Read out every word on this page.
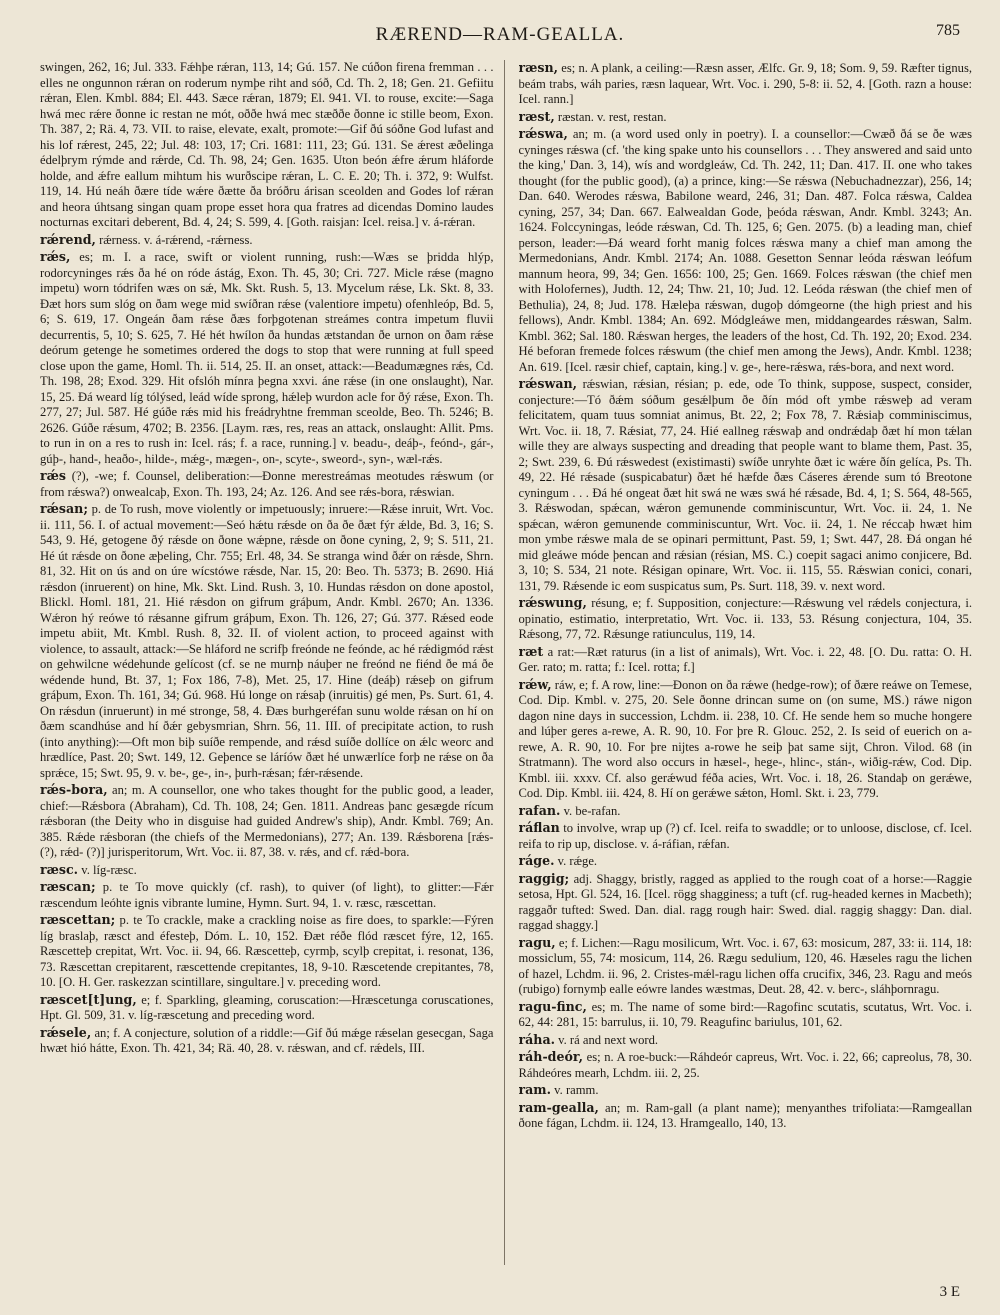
RÆREND—RAM-GEALLA.	785

swingen, 262, 16; Jul. 333. Fǽhþe rǽran, 113, 14; Gú. 157. Ne cúðon firena fremman . . . elles ne ongunnon rǽran on roderum nymþe riht and sóð, Cd. Th. 2, 18; Gen. 21. Gefiitu rǽran, Elen. Kmbl. 884; El. 443. Sæce rǽran, 1879; El. 941. VI. to rouse, excite:—Saga hwá mec rǽre ðonne ic restan ne mót, oððe hwá mec stæððe ðonne ic stille beom, Exon. Th. 387, 2; Rä. 4, 73. VII. to raise, elevate, exalt, promote:—Gif ðú sóðne God lufast and his lof rǽrest, 245, 22; Jul. 48: 103, 17; Cri. 1681: 111, 23; Gú. 131. Se ǽrest æðelinga édelþrym rýmde and rǽrde, Cd. Th. 98, 24; Gen. 1635. Uton beón ǽfre ǽrum hláforde holde, and ǽfre eallum mihtum his wurðscipe rǽran, L. C. E. 20; Th. i. 372, 9: Wulfst. 119, 14. Hú neáh ðære tíde wǽre ðætte ða bróðru árisan sceolden and Godes lof rǽran and heora úhtsang singan quam prope esset hora qua fratres ad dicendas Domino laudes nocturnas excitari deberent, Bd. 4, 24; S. 599, 4. [Goth. raisjan: Icel. reisa.] v. á-rǽran.

rǽrend, rǽrness. v. á-rǽrend, -rǽrness.

rǽs, es; m. I. a race, swift or violent running, rush:—Wæs se þridda hlýp, rodorcyninges rǽs ða hé on róde ástág, Exon. Th. 45, 30; Cri. 727. Micle rǽse (magno impetu) worn tódrifen wæs on sǽ, Mk. Skt. Rush. 5, 13. Mycelum rǽse, Lk. Skt. 8, 33. Ðæt hors sum slóg on ðam wege mid swíðran rǽse (valentiore impetu) ofenhleóp, Bd. 5, 6; S. 619, 17. Ongeán ðam rǽse ðæs forþgotenan streámes contra impetum fluvii decurrentis, 5, 10; S. 625, 7. Hé hét hwílon ða hundas ætstandan ðe urnon on ðam rǽse deórum getenge he sometimes ordered the dogs to stop that were running at full speed close upon the game, Homl. Th. ii. 514, 25. II. an onset, attack:—Beadumægnes rǽs, Cd. Th. 198, 28; Exod. 329. Hit ofslóh mínra þegna xxvi. áne rǽse (in one onslaught), Nar. 15, 25. Ðá weard líg tólýsed, leád wíde sprong, hǽleþ wurdon acle for ðý rǽse, Exon. Th. 277, 27; Jul. 587. Hé gúðe rǽs mid his freádryhtne fremman sceolde, Beo. Th. 5246; B. 2626. Gúðe rǽsum, 4702; B. 2356. [Laym. ræs, res, reas an attack, onslaught: Allit. Pms. to run in on a res to rush in: Icel. rás; f. a race, running.] v. beadu-, deáþ-, feónd-, gár-, gúþ-, hand-, heaðo-, hilde-, mǽg-, mægen-, on-, scyte-, sweord-, syn-, wæl-rǽs.

rǽs (?), -we; f. Counsel, deliberation:—Ðonne merestreámas meotudes rǽswum (or from rǽswa?) onwealcaþ, Exon. Th. 193, 24; Az. 126. And see rǽs-bora, rǽswian.

rǽsan; p. de To rush, move violently or impetuously; inruere:—Rǽse inruit, Wrt. Voc. ii. 111, 56. I. of actual movement:—Seó hǽtu rǽsde on ða ðe ðæt fýr ǽlde, Bd. 3, 16; S. 543, 9. Hé, getogene ðý rǽsde on ðone wǽpne, rǽsde on ðone cyning, 2, 9; S. 511, 21. Hé út rǽsde on ðone æþeling, Chr. 755; Erl. 48, 34. Se stranga wind ðǽr on rǽsde, Shrn. 81, 32. Hit on ús and on úre wícstówe rǽsde, Nar. 15, 20: Beo. Th. 5373; B. 2690. Hiá rǽsdon (inruerent) on hine, Mk. Skt. Lind. Rush. 3, 10. Hundas rǽsdon on done apostol, Blickl. Homl. 181, 21. Hié rǽsdon on gifrum gráþum, Andr. Kmbl. 2670; An. 1336. Wǽron hý reówe tó rǽsanne gifrum gráþum, Exon. Th. 126, 27; Gú. 377. Rǽsed eode impetu abiit, Mt. Kmbl. Rush. 8, 32. II. of violent action, to proceed against with violence, to assault, attack:—Se hláford ne scrifþ freónde ne feónde, ac hé rǽdigmód rǽst on gehwilcne wédehunde gelícost (cf. se ne murnþ náuþer ne freónd ne fiénd ðe má ðe wédende hund, Bt. 37, 1; Fox 186, 7-8), Met. 25, 17. Hine (deáþ) rǽseþ on gifrum gráþum, Exon. Th. 161, 34; Gú. 968. Hú longe on rǽsaþ (inruitis) gé men, Ps. Surt. 61, 4. On rǽsdun (inruerunt) in mé stronge, 58, 4. Ðæs burhgeréfan sunu wolde rǽsan on hí on ðæm scandhúse and hí ðǽr gebysmrian, Shrn. 56, 11. III. of precipitate action, to rush (into anything):—Oft mon biþ suíðe rempende, and rǽsd suíðe dollíce on ǽlc weorc and hrædlíce, Past. 20; Swt. 149, 12. Geþence se láríów ðæt hé unwærlíce forþ ne rǽse on ða sprǽce, 15; Swt. 95, 9. v. be-, ge-, in-, þurh-rǽsan; fǽr-rǽsende.

rǽs-bora, an; m. A counsellor, one who takes thought for the public good, a leader, chief:—Rǽsbora (Abraham), Cd. Th. 108, 24; Gen. 1811. Andreas þanc gesægde rícum rǽsboran (the Deity who in disguise had guided Andrew's ship), Andr. Kmbl. 769; An. 385. Rǽde rǽsboran (the chiefs of the Mermedonians), 277; An. 139. Rǽsborena [rǽs- (?), rǽd- (?)] jurisperitorum, Wrt. Voc. ii. 87, 38. v. rǽs, and cf. rǽd-bora.

ræsc. v. líg-ræsc.

ræscan; p. te To move quickly (cf. rash), to quiver (of light), to glitter:—Fǽr ræscendum leóhte ignis vibrante lumine, Hymn. Surt. 94, 1. v. ræsc, ræscettan.

ræscettan; p. te To crackle, make a crackling noise as fire does, to sparkle:—Fýren líg braslaþ, ræsct and éfesteþ, Dóm. L. 10, 152. Ðæt réðe flód ræscet fýre, 12, 165. Ræscetteþ crepitat, Wrt. Voc. ii. 94, 66. Ræscetteþ, cyrmþ, scylþ crepitat, i. resonat, 136, 73. Ræscettan crepitarent, ræscettende crepitantes, 18, 9-10. Ræscetende crepitantes, 78, 10. [O. H. Ger. raskezzan scintillare, singultare.] v. preceding word.

ræscet[t]ung, e; f. Sparkling, gleaming, coruscation:—Hræscetunga coruscationes, Hpt. Gl. 509, 31. v. líg-ræscetung and preceding word.

rǽsele, an; f. A conjecture, solution of a riddle:—Gif ðú mǽge rǽselan gesecgan, Saga hwæt hió hátte, Exon. Th. 421, 34; Rä. 40, 28. v. rǽswan, and cf. rǽdels, III.

ræsn, es; n. A plank, a ceiling:—Ræsn asser, Ælfc. Gr. 9, 18; Som. 9, 59. Ræfter tignus, beám trabs, wáh paries, ræsn laquear, Wrt. Voc. i. 290, 5-8: ii. 52, 4. [Goth. razn a house: Icel. rann.]

ræst, ræstan. v. rest, restan.

rǽswa, an; m. (a word used only in poetry). I. a counsellor:—Cwæð ðá se ðe wæs cyninges rǽswa (cf. 'the king spake unto his counsellors . . . They answered and said unto the king,' Dan. 3, 14), wís and wordgleáw, Cd. Th. 242, 11; Dan. 417. II. one who takes thought (for the public good), (a) a prince, king:—Se rǽswa (Nebuchadnezzar), 256, 14; Dan. 640. Werodes rǽswa, Babilone weard, 246, 31; Dan. 487. Folca rǽswa, Caldea cyning, 257, 34; Dan. 667. Ealwealdan Gode, þeóda rǽswan, Andr. Kmbl. 3243; An. 1624. Folccyningas, leóde rǽswan, Cd. Th. 125, 6; Gen. 2075. (b) a leading man, chief person, leader:—Ðá weard forht manig folces rǽswa many a chief man among the Mermedonians, Andr. Kmbl. 2174; An. 1088. Gesetton Sennar leóda rǽswan leófum mannum heora, 99, 34; Gen. 1656: 100, 25; Gen. 1669. Folces rǽswan (the chief men with Holofernes), Judth. 12, 24; Thw. 21, 10; Jud. 12. Leóda rǽswan (the chief men of Bethulia), 24, 8; Jud. 178. Hæleþa rǽswan, dugoþ dómgeorne (the high priest and his fellows), Andr. Kmbl. 1384; An. 692. Módgleáwe men, middangeardes rǽswan, Salm. Kmbl. 362; Sal. 180. Rǽswan herges, the leaders of the host, Cd. Th. 192, 20; Exod. 234. Hé beforan fremede folces rǽswum (the chief men among the Jews), Andr. Kmbl. 1238; An. 619. [Icel. ræsir chief, captain, king.] v. ge-, here-rǽswa, rǽs-bora, and next word.

rǽswan, rǽswian, rǽsian, résian; p. ede, ode To think, suppose, suspect, consider, conjecture:—Tó ðǽm sóðum gesǽlþum ðe ðín mód oft ymbe rǽsweþ ad veram felicitatem, quam tuus somniat animus, Bt. 22, 2; Fox 78, 7. Rǽsiaþ comminiscimus, Wrt. Voc. ii. 18, 7. Rǽsiat, 77, 24. Hié eallneg rǽswaþ and ondrǽdaþ ðæt hí mon tǽlan wille they are always suspecting and dreading that people want to blame them, Past. 35, 2; Swt. 239, 6. Ðú rǽswedest (existimasti) swíðe unryhte ðæt ic wǽre ðín gelíca, Ps. Th. 49, 22. Hé rǽsade (suspicabatur) ðæt hé hæfde ðæs Cáseres ǽrende sum tó Breotone cyningum . . . Ðá hé ongeat ðæt hit swá ne wæs swá hé rǽsade, Bd. 4, 1; S. 564, 48-565, 3. Rǽswodan, spǽcan, wǽron gemunende comminiscuntur, Wrt. Voc. ii. 24, 1. Ne spǽcan, wǽron gemunende comminiscuntur, Wrt. Voc. ii. 24, 1. Ne réccaþ hwæt him mon ymbe rǽswe mala de se opinari permittunt, Past. 59, 1; Swt. 447, 28. Ðá ongan hé mid gleáwe móde þencan and rǽsian (résian, MS. C.) coepit sagaci animo conjicere, Bd. 3, 10; S. 534, 21 note. Résigan opinare, Wrt. Voc. ii. 115, 55. Rǽswian conici, conari, 131, 79. Rǽsende ic eom suspicatus sum, Ps. Surt. 118, 39. v. next word.

rǽswung, résung, e; f. Supposition, conjecture:—Rǽswung vel rǽdels conjectura, i. opinatio, estimatio, interpretatio, Wrt. Voc. ii. 133, 53. Résung conjectura, 104, 35. Rǽsong, 77, 72. Rǽsunge ratiunculus, 119, 14.

ræt a rat:—Ræt raturus (in a list of animals), Wrt. Voc. i. 22, 48. [O. Du. ratta: O. H. Ger. rato; m. ratta; f.: Icel. rotta; f.]

rǽw, ráw, e; f. A row, line:—Ðonon on ða rǽwe (hedge-row); of ðære reáwe on Temese, Cod. Dip. Kmbl. v. 275, 20. Sele ðonne drincan sume on (on sume, MS.) ráwe nigon dagon nine days in succession, Lchdm. ii. 238, 10. Cf. He sende hem so muche hongere and lúþer geres a-rewe, A. R. 90, 10. For þre R. Glouc. 252, 2. Is seid of euerich on a-rewe, A. R. 90, 10. For þre nijtes a-rowe he seiþ þat same sijt, Chron. Vilod. 68 (in Stratmann). The word also occurs in hæsel-, hege-, hlinc-, stán-, wiðig-rǽw, Cod. Dip. Kmbl. iii. xxxv. Cf. also gerǽwud féða acies, Wrt. Voc. i. 18, 26. Standaþ on gerǽwe, Cod. Dip. Kmbl. iii. 424, 8. Hí on gerǽwe sǽton, Homl. Skt. i. 23, 779.

rafan. v. be-rafan.

ráflan to involve, wrap up (?) cf. Icel. reifa to swaddle; or to unloose, disclose, cf. Icel. reifa to rip up, disclose. v. á-ráfian, rǽfan.

ráge. v. rǽge.

raggig; adj. Shaggy, bristly, ragged as applied to the rough coat of a horse:—Raggie setosa, Hpt. Gl. 524, 16. [Icel. rögg shagginess; a tuft (cf. rug-headed kernes in Macbeth); raggaðr tufted: Swed. Dan. dial. ragg rough hair: Swed. dial. raggig shaggy: Dan. dial. raggad shaggy.]

ragu, e; f. Lichen:—Ragu mosilicum, Wrt. Voc. i. 67, 63: mosicum, 287, 33: ii. 114, 18: mossiclum, 55, 74: mosicum, 114, 26. Rægu sedulium, 120, 46. Hæseles ragu the lichen of hazel, Lchdm. ii. 96, 2. Cristes-mǽl-ragu lichen offa crucifix, 346, 23. Ragu and meós (rubigo) fornymþ ealle eówre landes wæstmas, Deut. 28, 42. v. berc-, sláhþornragu.

ragu-finc, es; m. The name of some bird:—Ragofinc scutatis, scutatus, Wrt. Voc. i. 62, 44: 281, 15: barrulus, ii. 10, 79. Reagufinc bariulus, 101, 62.

ráha. v. rá and next word.

ráh-deór, es; n. A roe-buck:—Ráhdeór capreus, Wrt. Voc. i. 22, 66; capreolus, 78, 30. Ráhdeóres mearh, Lchdm. iii. 2, 25.

ram. v. ramm.

ram-gealla, an; m. Ram-gall (a plant name); menyanthes trifoliata:—Ramgeallan ðone fágan, Lchdm. ii. 124, 13. Hramgeallo, 140, 13.

3 E
